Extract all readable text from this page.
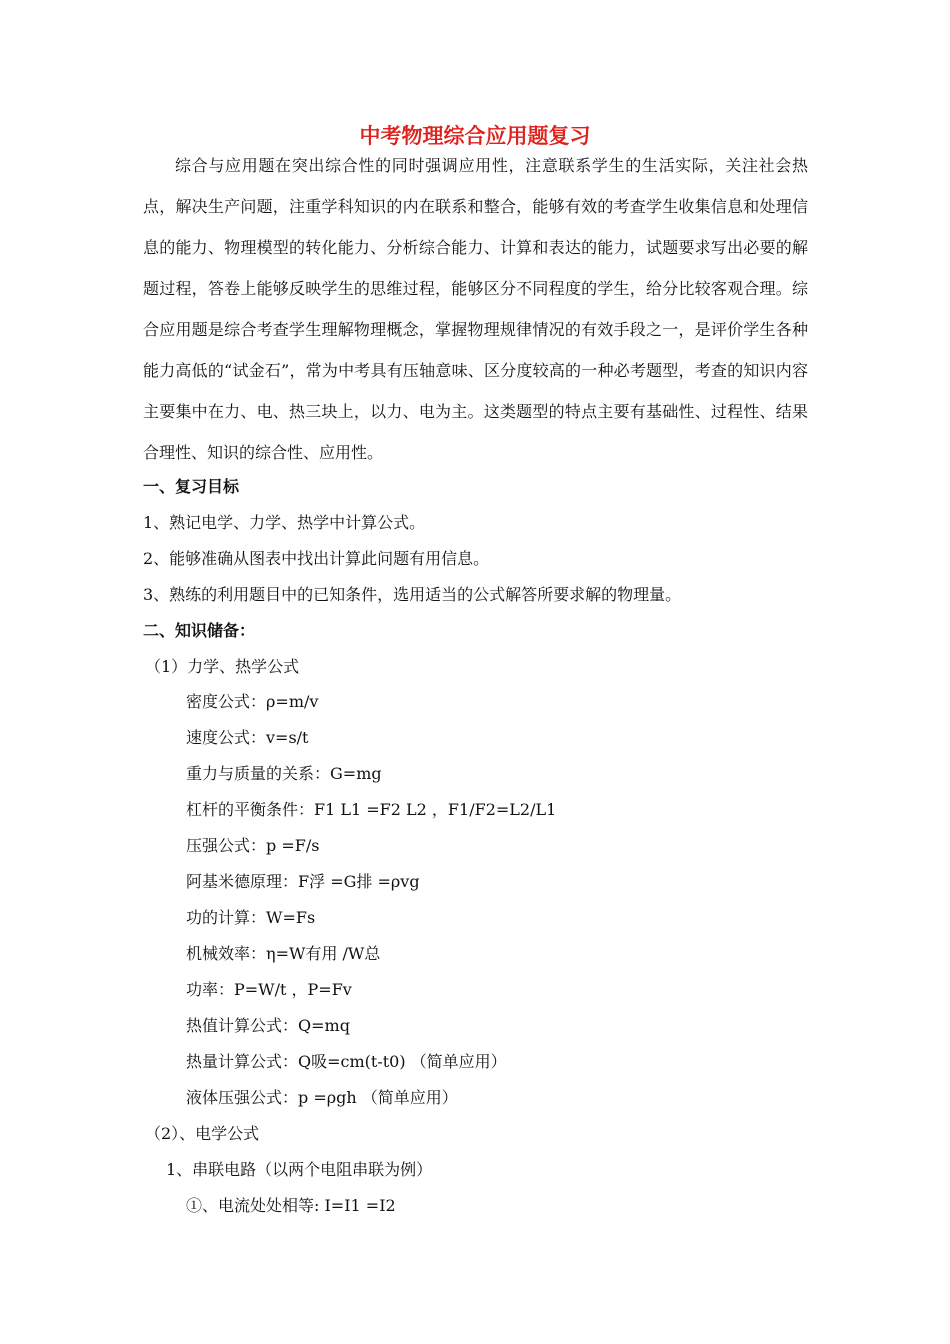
中考物理综合应用题复习

综合与应用题在突出综合性的同时强调应用性，注意联系学生的生活实际，关注社会热点，解决生产问题，注重学科知识的内在联系和整合，能够有效的考查学生收集信息和处理信息的能力、物理模型的转化能力、分析综合能力、计算和表达的能力，试题要求写出必要的解题过程，答卷上能够反映学生的思维过程，能够区分不同程度的学生，给分比较客观合理。综合应用题是综合考查学生理解物理概念，掌握物理规律情况的有效手段之一，是评价学生各种能力高低的“试金石”，常为中考具有压轴意味、区分度较高的一种必考题型，考查的知识内容主要集中在力、电、热三块上，以力、电为主。这类题型的特点主要有基础性、过程性、结果合理性、知识的综合性、应用性。

一、复习目标
1、熟记电学、力学、热学中计算公式。
2、能够准确从图表中找出计算此问题有用信息。
3、熟练的利用题目中的已知条件，选用适当的公式解答所要求解的物理量。
二、知识储备：
（1）力学、热学公式
密度公式：ρ=m/v
速度公式：v=s/t
重力与质量的关系：G=mg
杠杆的平衡条件：F1 L1 =F2 L2 ，F1/F2=L2/L1
压强公式：p =F/s
阿基米德原理：F浮 =G排 =ρvg
功的计算：W=Fs
机械效率：η=W有用 /W总
功率：P=W/t ，P=Fv
热值计算公式：Q=mq
热量计算公式：Q吸=cm(t-t0) （简单应用）
液体压强公式：p =ρgh （简单应用）
（2）、电学公式
1、串联电路（以两个电阻串联为例）
①、电流处处相等: I=I1 =I2
